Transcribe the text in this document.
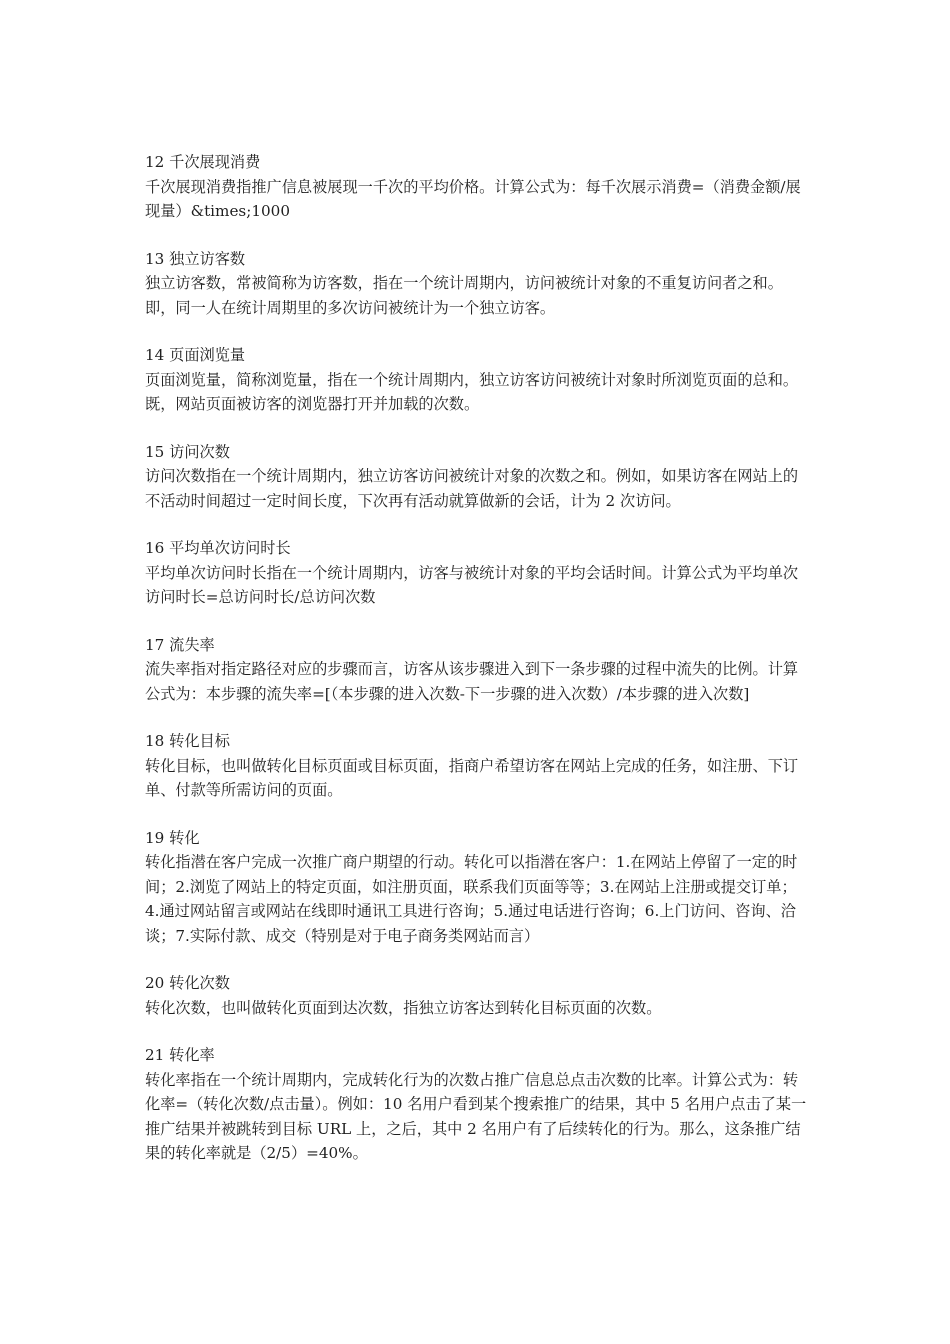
12 千次展现消费

千次展现消费指推广信息被展现一千次的平均价格。计算公式为：每千次展示消费=（消费金额/展现量）&times;1000

13 独立访客数

独立访客数，常被简称为访客数，指在一个统计周期内，访问被统计对象的不重复访问者之和。即，同一人在统计周期里的多次访问被统计为一个独立访客。

14 页面浏览量

页面浏览量，简称浏览量，指在一个统计周期内，独立访客访问被统计对象时所浏览页面的总和。既，网站页面被访客的浏览器打开并加载的次数。

15 访问次数

访问次数指在一个统计周期内，独立访客访问被统计对象的次数之和。例如，如果访客在网站上的不活动时间超过一定时间长度，下次再有活动就算做新的会话，计为 2 次访问。

16 平均单次访问时长

平均单次访问时长指在一个统计周期内，访客与被统计对象的平均会话时间。计算公式为平均单次访问时长=总访问时长/总访问次数

17 流失率

流失率指对指定路径对应的步骤而言，访客从该步骤进入到下一条步骤的过程中流失的比例。计算公式为：本步骤的流失率=[（本步骤的进入次数-下一步骤的进入次数）/本步骤的进入次数]

18 转化目标

转化目标，也叫做转化目标页面或目标页面，指商户希望访客在网站上完成的任务，如注册、下订单、付款等所需访问的页面。

19 转化

转化指潜在客户完成一次推广商户期望的行动。转化可以指潜在客户：1.在网站上停留了一定的时间；2.浏览了网站上的特定页面，如注册页面，联系我们页面等等；3.在网站上注册或提交订单；4.通过网站留言或网站在线即时通讯工具进行咨询；5.通过电话进行咨询；6.上门访问、咨询、洽谈；7.实际付款、成交（特别是对于电子商务类网站而言）

20 转化次数

转化次数，也叫做转化页面到达次数，指独立访客达到转化目标页面的次数。

21 转化率

转化率指在一个统计周期内，完成转化行为的次数占推广信息总点击次数的比率。计算公式为：转化率=（转化次数/点击量）。例如：10 名用户看到某个搜索推广的结果，其中 5 名用户点击了某一推广结果并被跳转到目标 URL 上，之后，其中 2 名用户有了后续转化的行为。那么，这条推广结果的转化率就是（2/5）=40%。
